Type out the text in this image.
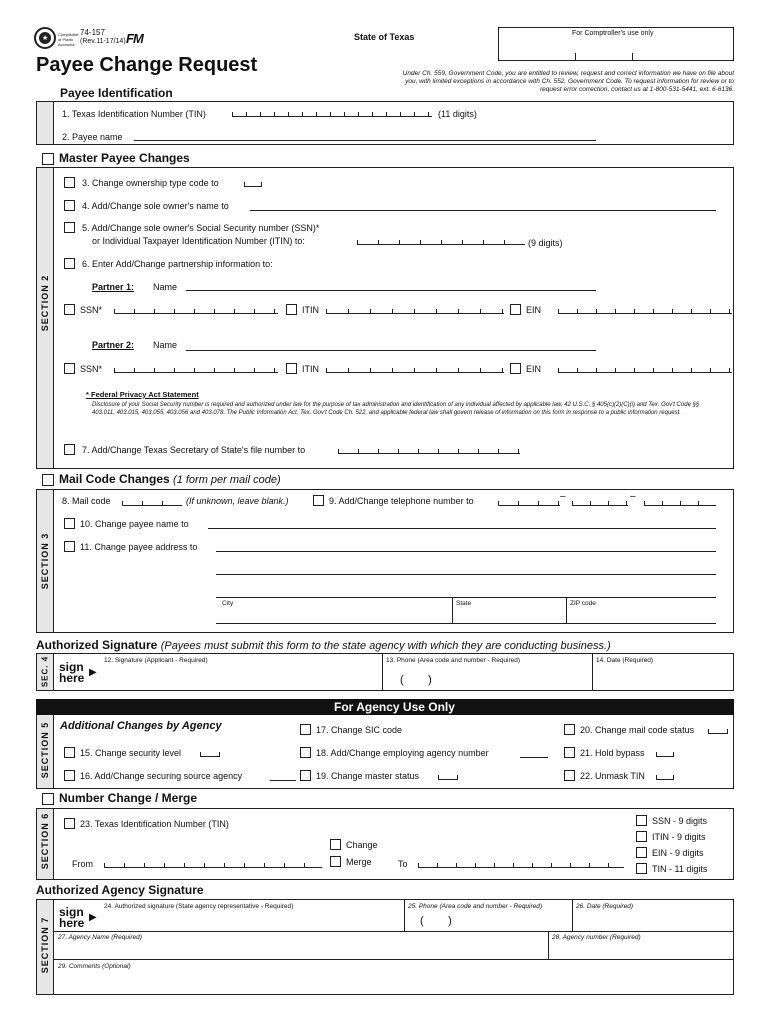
★
Comptroller of Public Accounts
74-157
(Rev.11-17/14) FM	State of Texas	For Comptroller's use only
Payee Change Request
Payee Identification
Under Ch. 559, Government Code, you are entitled to review, request and correct information we have on file about you, with limited exceptions in accordance with Ch. 552, Government Code. To request information for review or to request error correction, contact us at 1-800-531-5441, ext. 6-6136.
1. Texas Identification Number (TIN)	(11 digits)
2. Payee name
Master Payee Changes
SECTION 2
3. Change ownership type code to
4. Add/Change sole owner's name to
5. Add/Change sole owner's Social Security number (SSN)*
or Individual Taxpayer Identification Number (ITIN) to:	(9 digits)
6. Enter Add/Change partnership information to:
Partner 1: Name
SSN*	ITIN	EIN
Partner 2: Name
SSN*	ITIN	EIN
* Federal Privacy Act Statement
Disclosure of your Social Security number is required and authorized under law for the purpose of tax administration and identification of any individual affected by applicable law, 42 U.S.C. § 405(c)(2)(C)(i) and Tex. Gov't Code §§ 403.011, 403.015, 403.055, 403.056 and 403.078. The Public Information Act, Tex. Gov't Code Ch. 522, and applicable federal law shall govern release of information on this form in response to a public information request.
7. Add/Change Texas Secretary of State's file number to
Mail Code Changes (1 form per mail code)
SECTION 3
8. Mail code	(If unknown, leave blank.)	9. Add/Change telephone number to	–	–
10. Change payee name to
11. Change payee address to
City	State	ZIP code
Authorized Signature (Payees must submit this form to the state agency with which they are conducting business.)
SEC. 4 sign
here ▶
12. Signature (Applicant - Required)	13. Phone (Area code and number - Required)
(        )
14. Date (Required)
For Agency Use Only
SECTION 5 Additional Changes by Agency
15. Change security level
16. Add/Change securing source agency
17. Change SIC code
18. Add/Change employing agency number
19. Change master status
20. Change mail code status
21. Hold bypass
22. Unmask TIN
Number Change / Merge
SECTION 6	23. Texas Identification Number (TIN)
From
Change
Merge	To
SSN - 9 digits
ITIN - 9 digits
EIN - 9 digits
TIN - 11 digits
Authorized Agency Signature
SECTION 7
sign
here ▶
24. Authorized signature (State agency representative - Required)	25. Phone (Area code and number - Required)
(        )
26. Date (Required)
27. Agency Name (Required)	28. Agency number (Required)
29. Comments (Optional)
